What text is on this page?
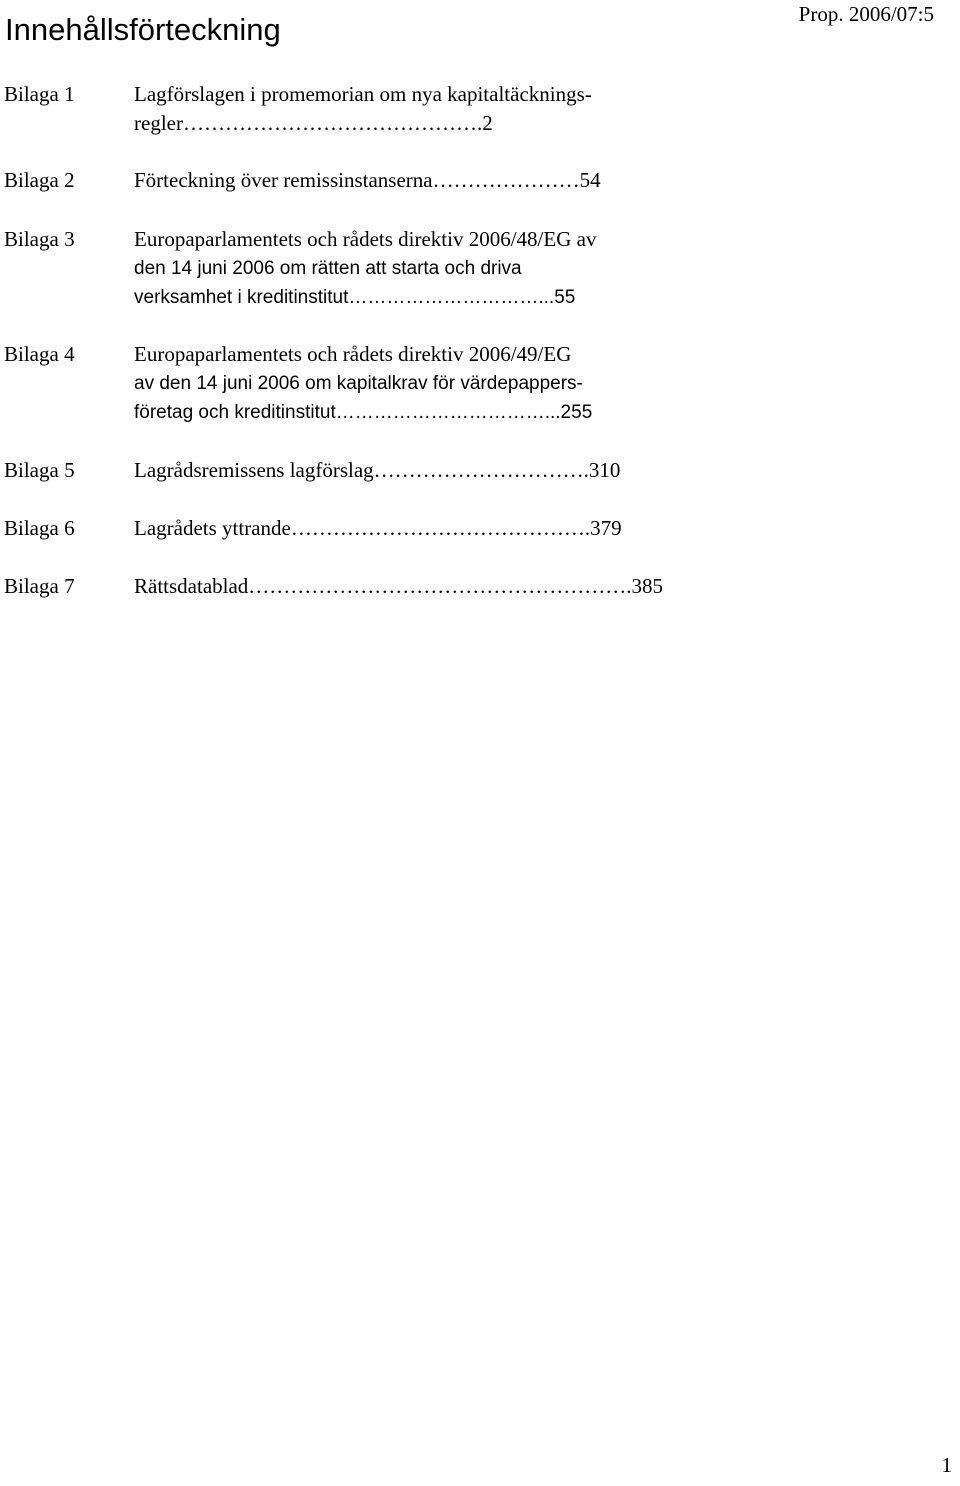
Innehållsförteckning	Prop. 2006/07:5
Bilaga 1	Lagförslagen i promemorian om nya kapitaltäcknings-
regler…………………………………….2
Bilaga 2	Förteckning över remissinstanserna…………………54
Bilaga 3	Europaparlamentets och rådets direktiv 2006/48/EG av
den 14 juni 2006 om rätten att starta och driva
verksamhet i kreditinstitut…………………………...55
Bilaga 4	Europaparlamentets och rådets direktiv 2006/49/EG
av den 14 juni 2006 om kapitalkrav för värdepappers-
företag och kreditinstitut……………………………...255
Bilaga 5	Lagrådsremissens lagförslag………………………….310
Bilaga 6	Lagrådets yttrande…………………………………….379
Bilaga 7	Rättsdatablad……………………………………………….385
1
